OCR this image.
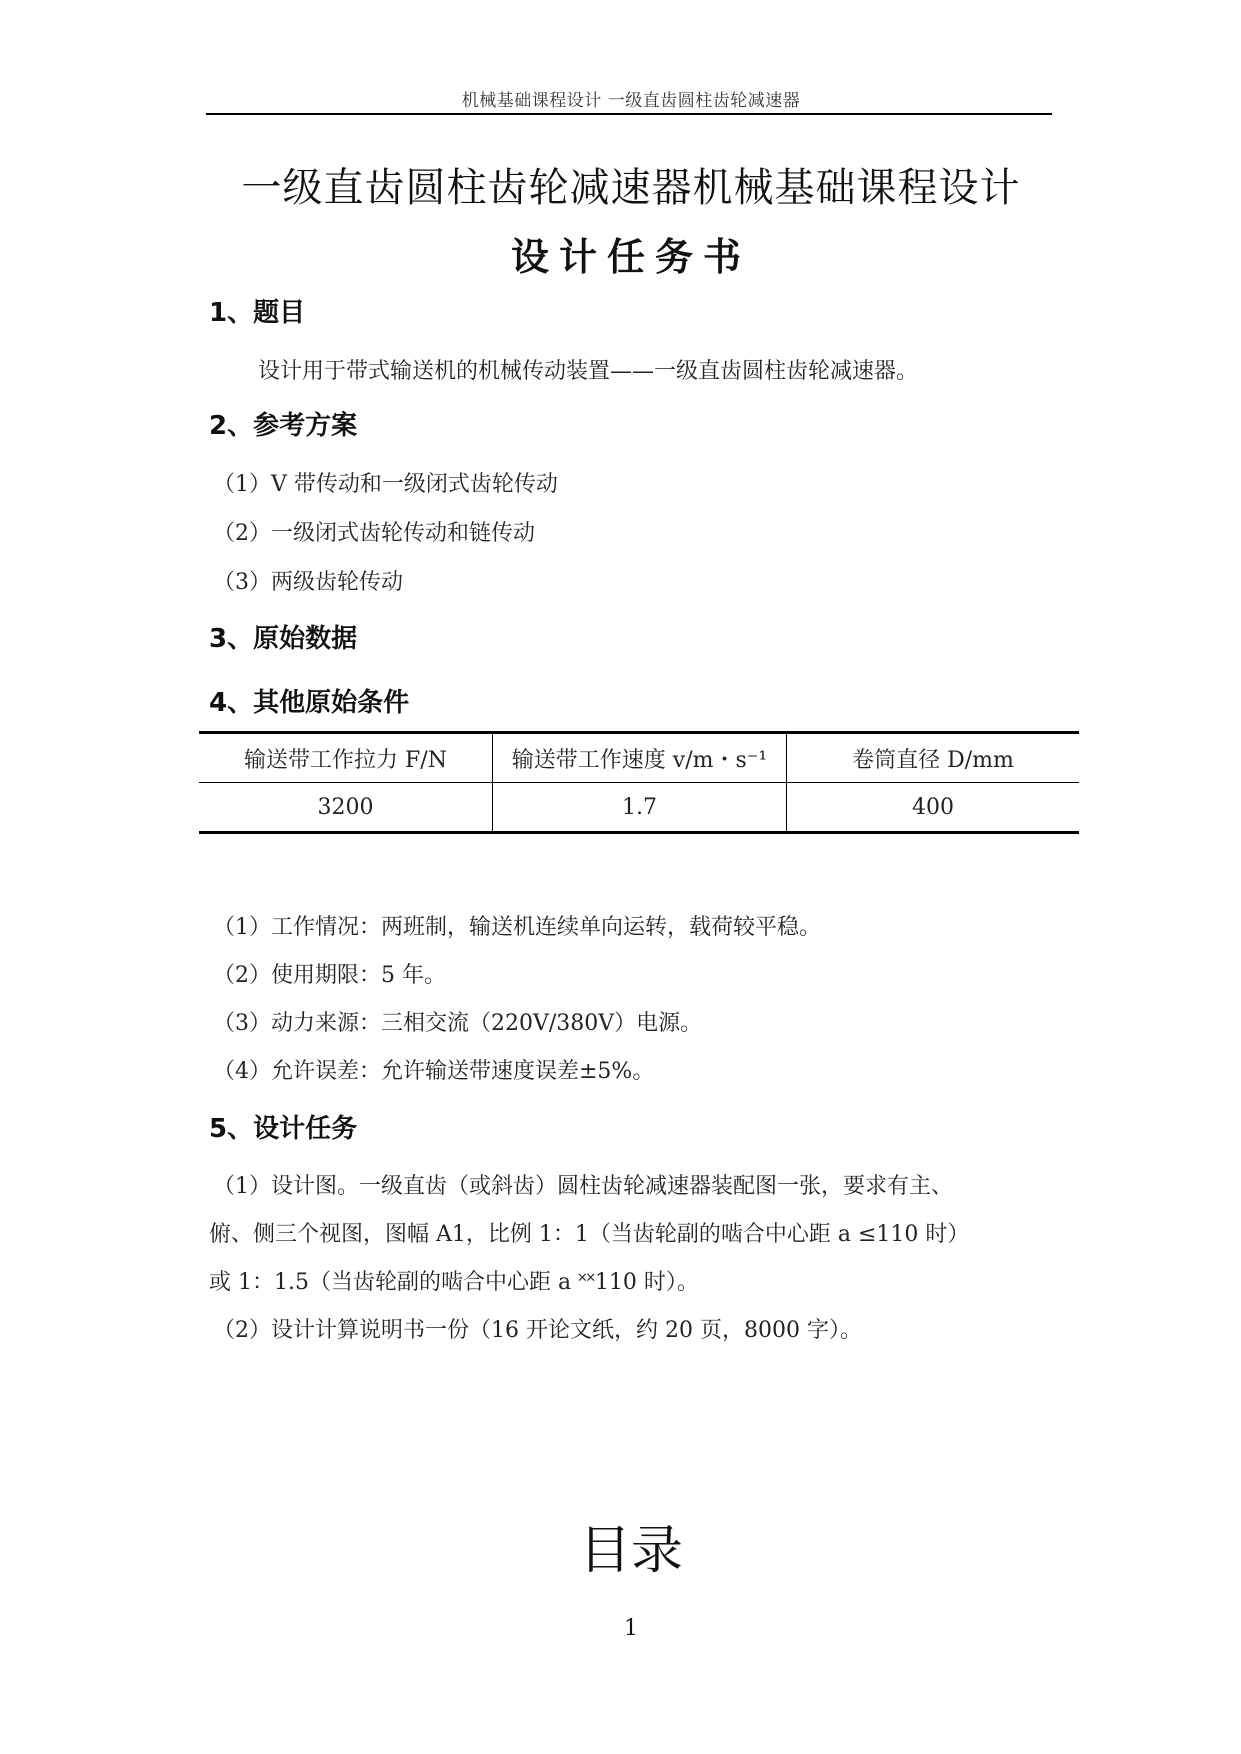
机械基础课程设计 一级直齿圆柱齿轮减速器
一级直齿圆柱齿轮减速器机械基础课程设计
设计任务书
1、题目
设计用于带式输送机的机械传动装置——一级直齿圆柱齿轮减速器。
2、参考方案
（1）V 带传动和一级闭式齿轮传动
（2）一级闭式齿轮传动和链传动
（3）两级齿轮传动
3、原始数据
4、其他原始条件
输送带工作拉力 F/N	输送带工作速度 v/m・s⁻¹	卷筒直径 D/mm
3200	1.7	400
（1）工作情况：两班制，输送机连续单向运转，载荷较平稳。
（2）使用期限：5 年。
（3）动力来源：三相交流（220V/380V）电源。
（4）允许误差：允许输送带速度误差±5%。
5、设计任务
（1）设计图。一级直齿（或斜齿）圆柱齿轮减速器装配图一张，要求有主、
俯、侧三个视图，图幅 A1，比例 1：1（当齿轮副的啮合中心距 a ≤110 时）
或 1：1.5（当齿轮副的啮合中心距 a ˟˟110 时）。
（2）设计计算说明书一份（16 开论文纸，约 20 页，8000 字）。
目录
1
